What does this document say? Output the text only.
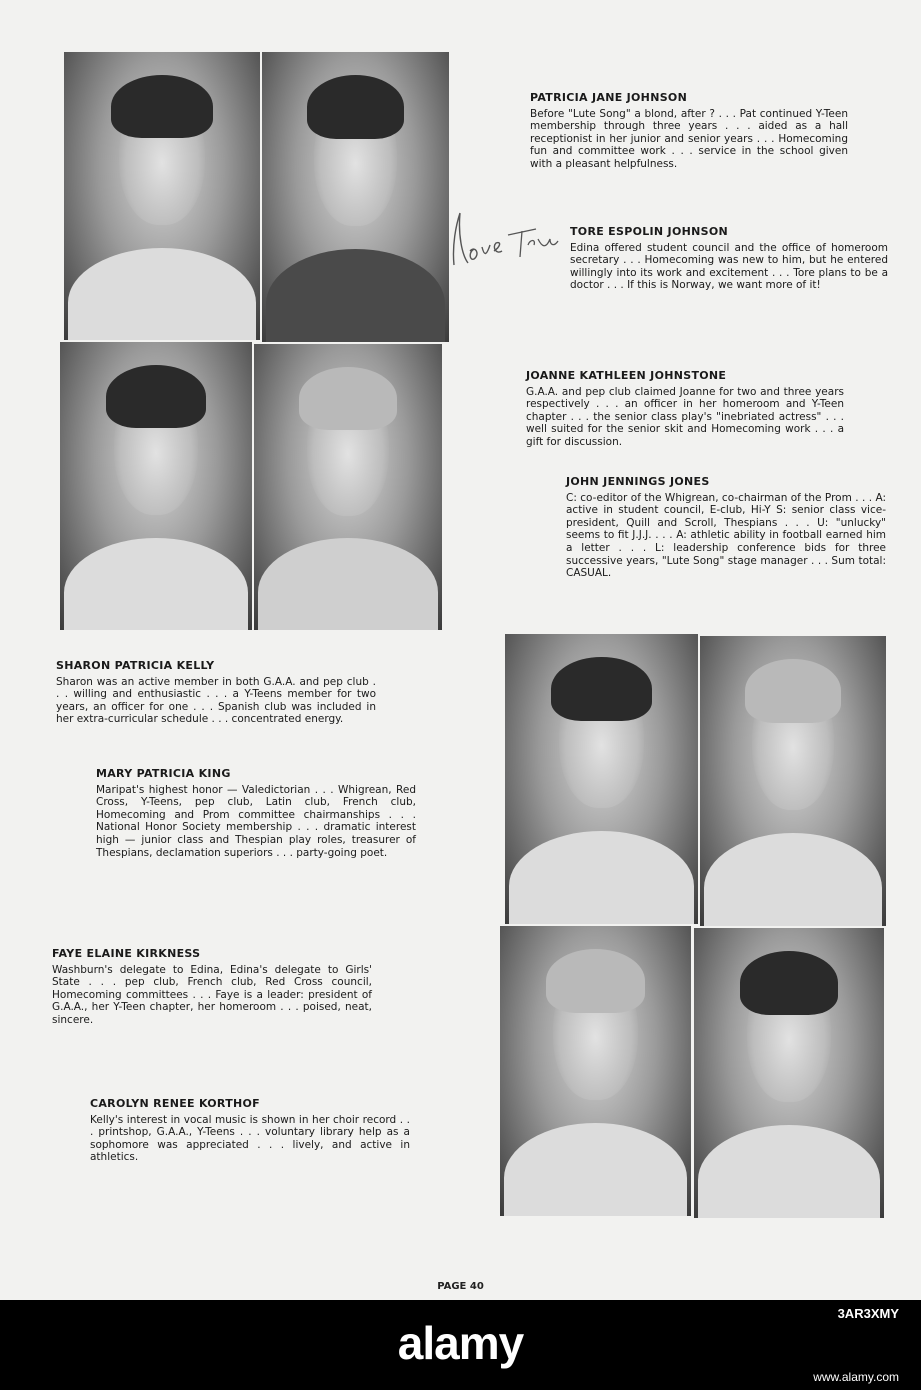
PATRICIA JANE JOHNSON
Before "Lute Song" a blond, after ? . . . Pat continued Y-Teen membership through three years . . . aided as a hall receptionist in her junior and senior years . . . Homecoming fun and committee work . . . service in the school given with a pleasant helpfulness.
TORE ESPOLIN JOHNSON
Edina offered student council and the office of homeroom secretary . . . Homecoming was new to him, but he entered willingly into its work and excitement . . . Tore plans to be a doctor . . . If this is Norway, we want more of it!
JOANNE KATHLEEN JOHNSTONE
G.A.A. and pep club claimed Joanne for two and three years respectively . . . an officer in her homeroom and Y-Teen chapter . . . the senior class play's "inebriated actress" . . . well suited for the senior skit and Homecoming work . . . a gift for discussion.
JOHN JENNINGS JONES
C: co-editor of the Whigrean, co-chairman of the Prom . . . A: active in student council, E-club, Hi-Y S: senior class vice-president, Quill and Scroll, Thespians . . . U: "unlucky" seems to fit J.J.J. . . . A: athletic ability in football earned him a letter . . . L: leadership conference bids for three successive years, "Lute Song" stage manager . . . Sum total: CASUAL.
SHARON PATRICIA KELLY
Sharon was an active member in both G.A.A. and pep club . . . willing and enthusiastic . . . a Y-Teens member for two years, an officer for one . . . Spanish club was included in her extra-curricular schedule . . . concentrated energy.
MARY PATRICIA KING
Maripat's highest honor — Valedictorian . . . Whigrean, Red Cross, Y-Teens, pep club, Latin club, French club, Homecoming and Prom committee chairmanships . . . National Honor Society membership . . . dramatic interest high — junior class and Thespian play roles, treasurer of Thespians, declamation superiors . . . party-going poet.
FAYE ELAINE KIRKNESS
Washburn's delegate to Edina, Edina's delegate to Girls' State . . . pep club, French club, Red Cross council, Homecoming committees . . . Faye is a leader: president of G.A.A., her Y-Teen chapter, her homeroom . . . poised, neat, sincere.
CAROLYN RENEE KORTHOF
Kelly's interest in vocal music is shown in her choir record . . . printshop, G.A.A., Y-Teens . . . voluntary library help as a sophomore was appreciated . . . lively, and active in athletics.
PAGE 40
alamy
3AR3XMY
www.alamy.com
